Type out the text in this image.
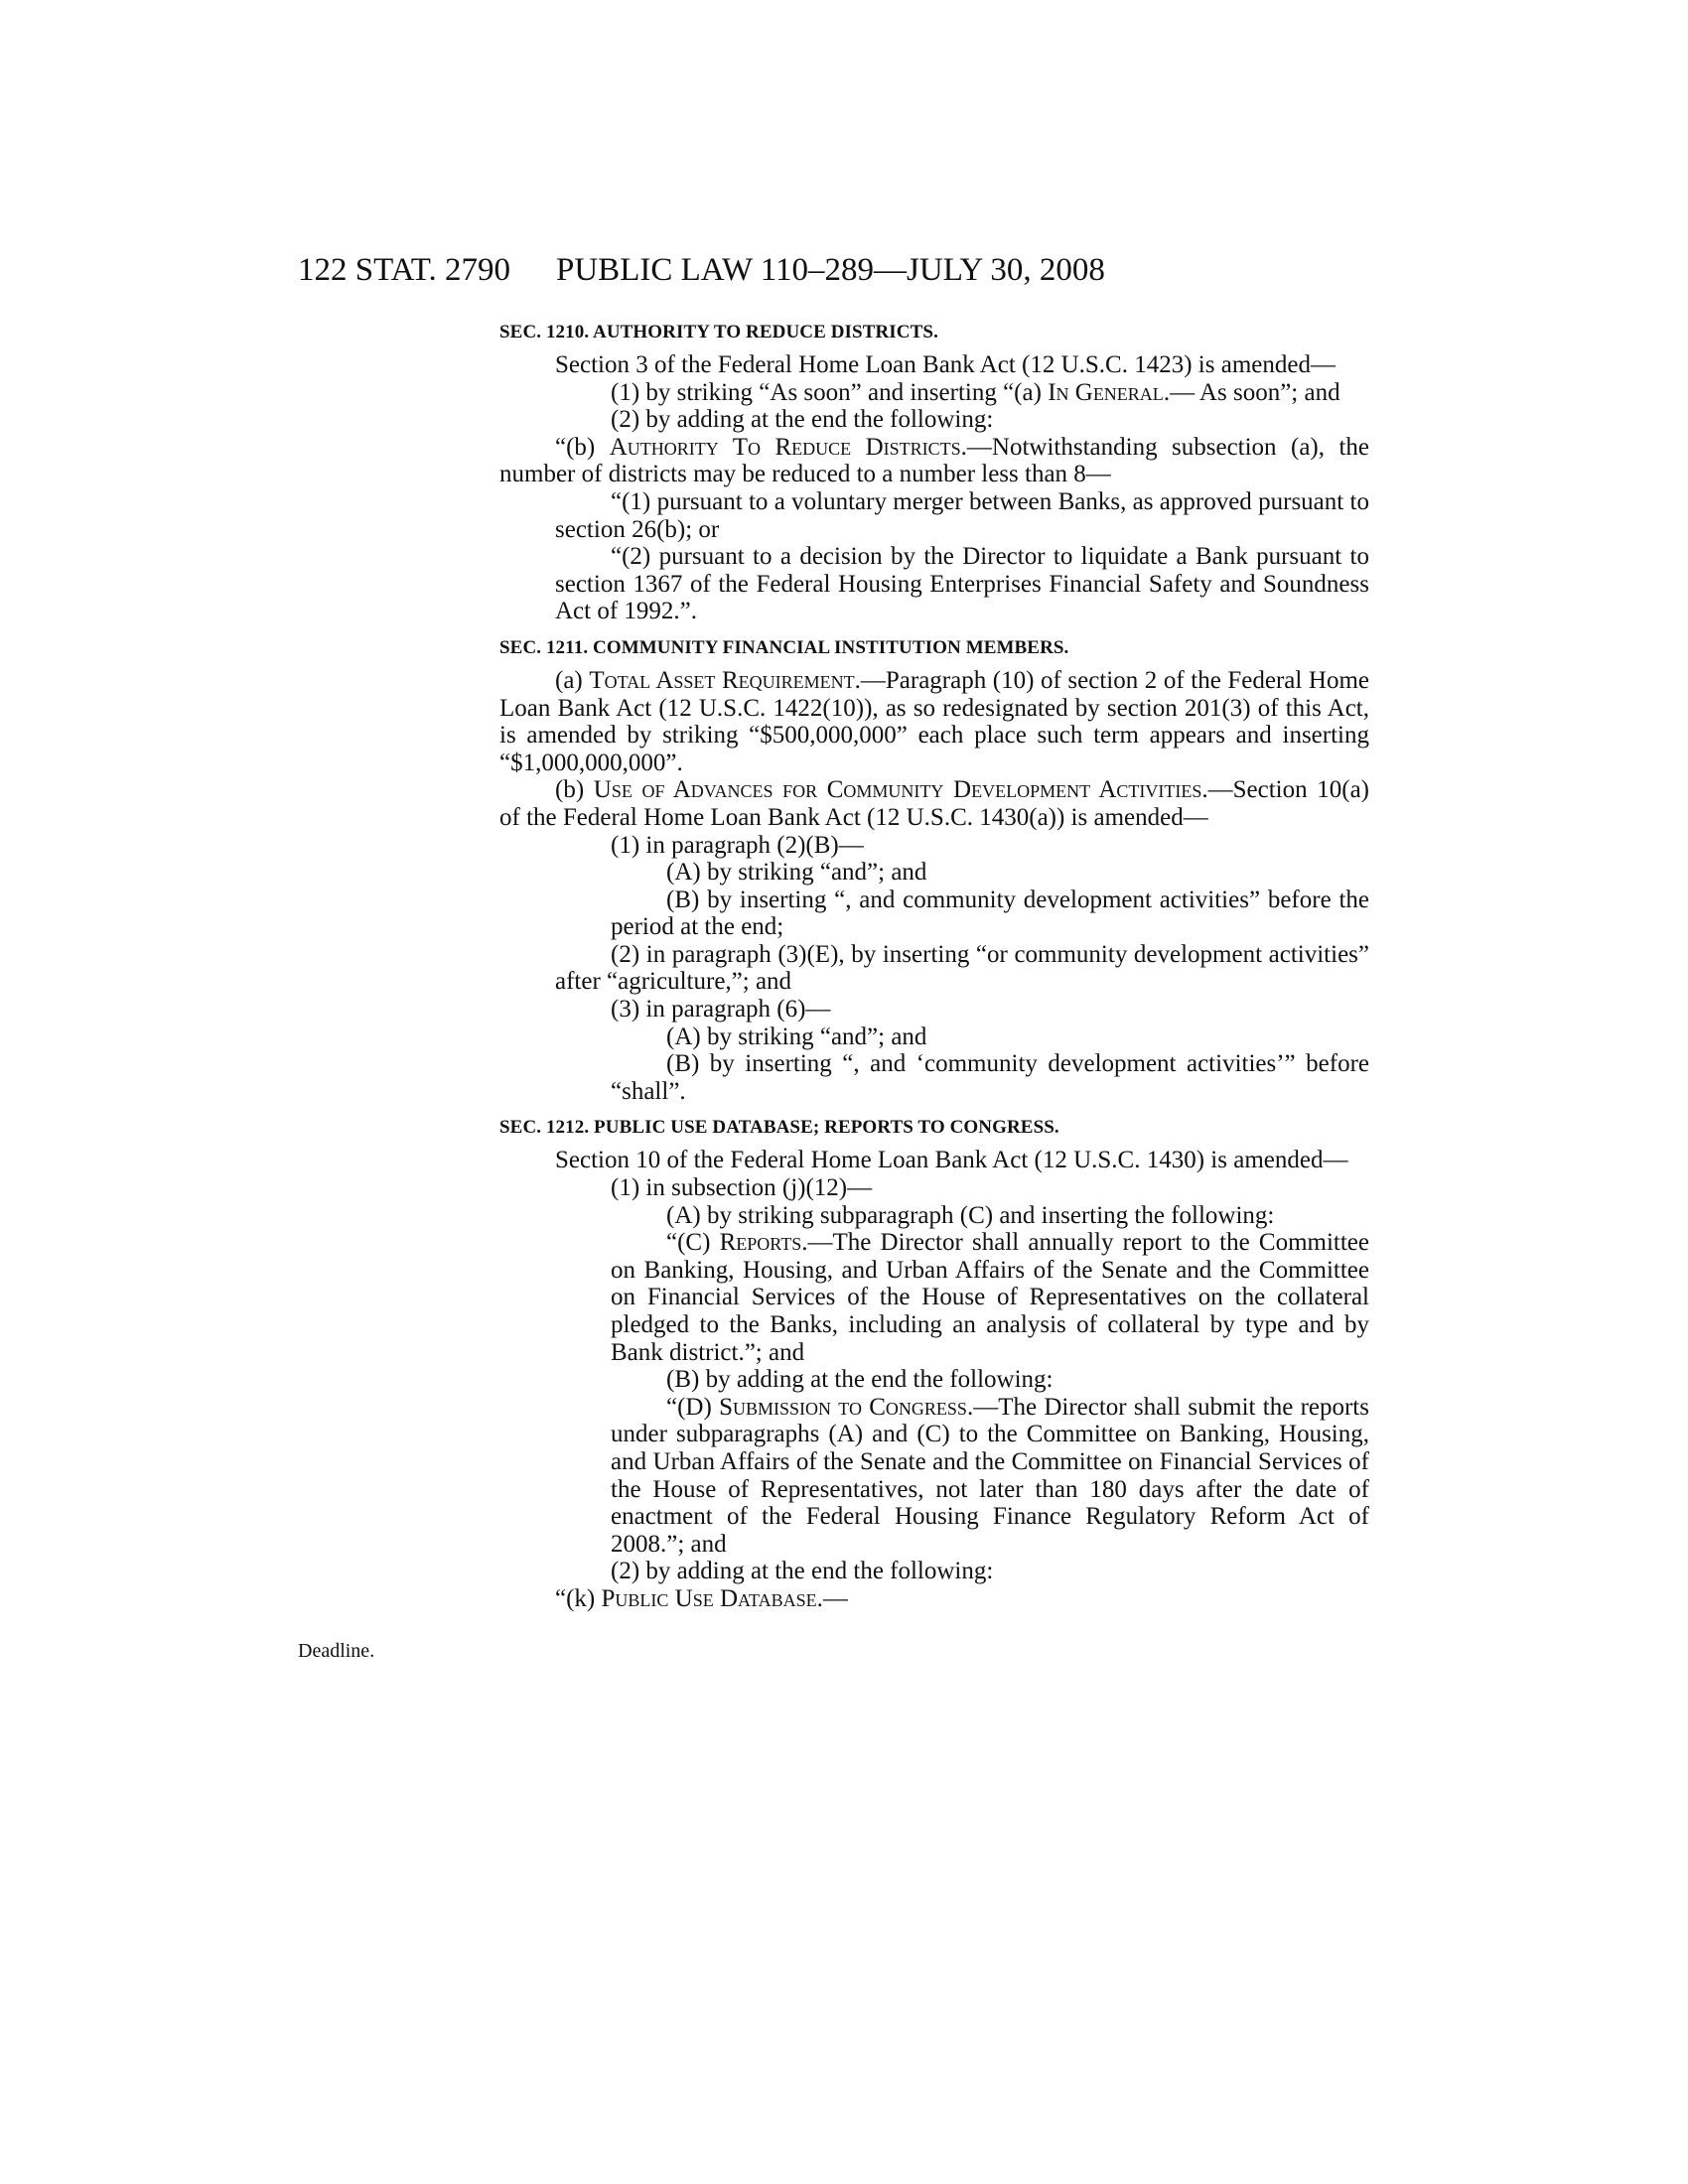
122 STAT. 2790 PUBLIC LAW 110–289—JULY 30, 2008
Deadline.
SEC. 1210. AUTHORITY TO REDUCE DISTRICTS.

Section 3 of the Federal Home Loan Bank Act (12 U.S.C. 1423) is amended—

(1) by striking “As soon” and inserting “(a) In General.— As soon”; and

(2) by adding at the end the following:

“(b) Authority To Reduce Districts.—Notwithstanding subsection (a), the number of districts may be reduced to a number less than 8—

“(1) pursuant to a voluntary merger between Banks, as approved pursuant to section 26(b); or

“(2) pursuant to a decision by the Director to liquidate a Bank pursuant to section 1367 of the Federal Housing Enterprises Financial Safety and Soundness Act of 1992.”.

SEC. 1211. COMMUNITY FINANCIAL INSTITUTION MEMBERS.

(a) Total Asset Requirement.—Paragraph (10) of section 2 of the Federal Home Loan Bank Act (12 U.S.C. 1422(10)), as so redesignated by section 201(3) of this Act, is amended by striking “$500,000,000” each place such term appears and inserting “$1,000,000,000”.

(b) Use of Advances for Community Development Activities.—Section 10(a) of the Federal Home Loan Bank Act (12 U.S.C. 1430(a)) is amended—

(1) in paragraph (2)(B)—

(A) by striking “and”; and

(B) by inserting “, and community development activities” before the period at the end;

(2) in paragraph (3)(E), by inserting “or community development activities” after “agriculture,”; and

(3) in paragraph (6)—

(A) by striking “and”; and

(B) by inserting “, and ‘community development activities’” before “shall”.

SEC. 1212. PUBLIC USE DATABASE; REPORTS TO CONGRESS.

Section 10 of the Federal Home Loan Bank Act (12 U.S.C. 1430) is amended—

(1) in subsection (j)(12)—

(A) by striking subparagraph (C) and inserting the following:

“(C) Reports.—The Director shall annually report to the Committee on Banking, Housing, and Urban Affairs of the Senate and the Committee on Financial Services of the House of Representatives on the collateral pledged to the Banks, including an analysis of collateral by type and by Bank district.”; and

(B) by adding at the end the following:

“(D) Submission to Congress.—The Director shall submit the reports under subparagraphs (A) and (C) to the Committee on Banking, Housing, and Urban Affairs of the Senate and the Committee on Financial Services of the House of Representatives, not later than 180 days after the date of enactment of the Federal Housing Finance Regulatory Reform Act of 2008.”; and

(2) by adding at the end the following:

“(k) Public Use Database.—
